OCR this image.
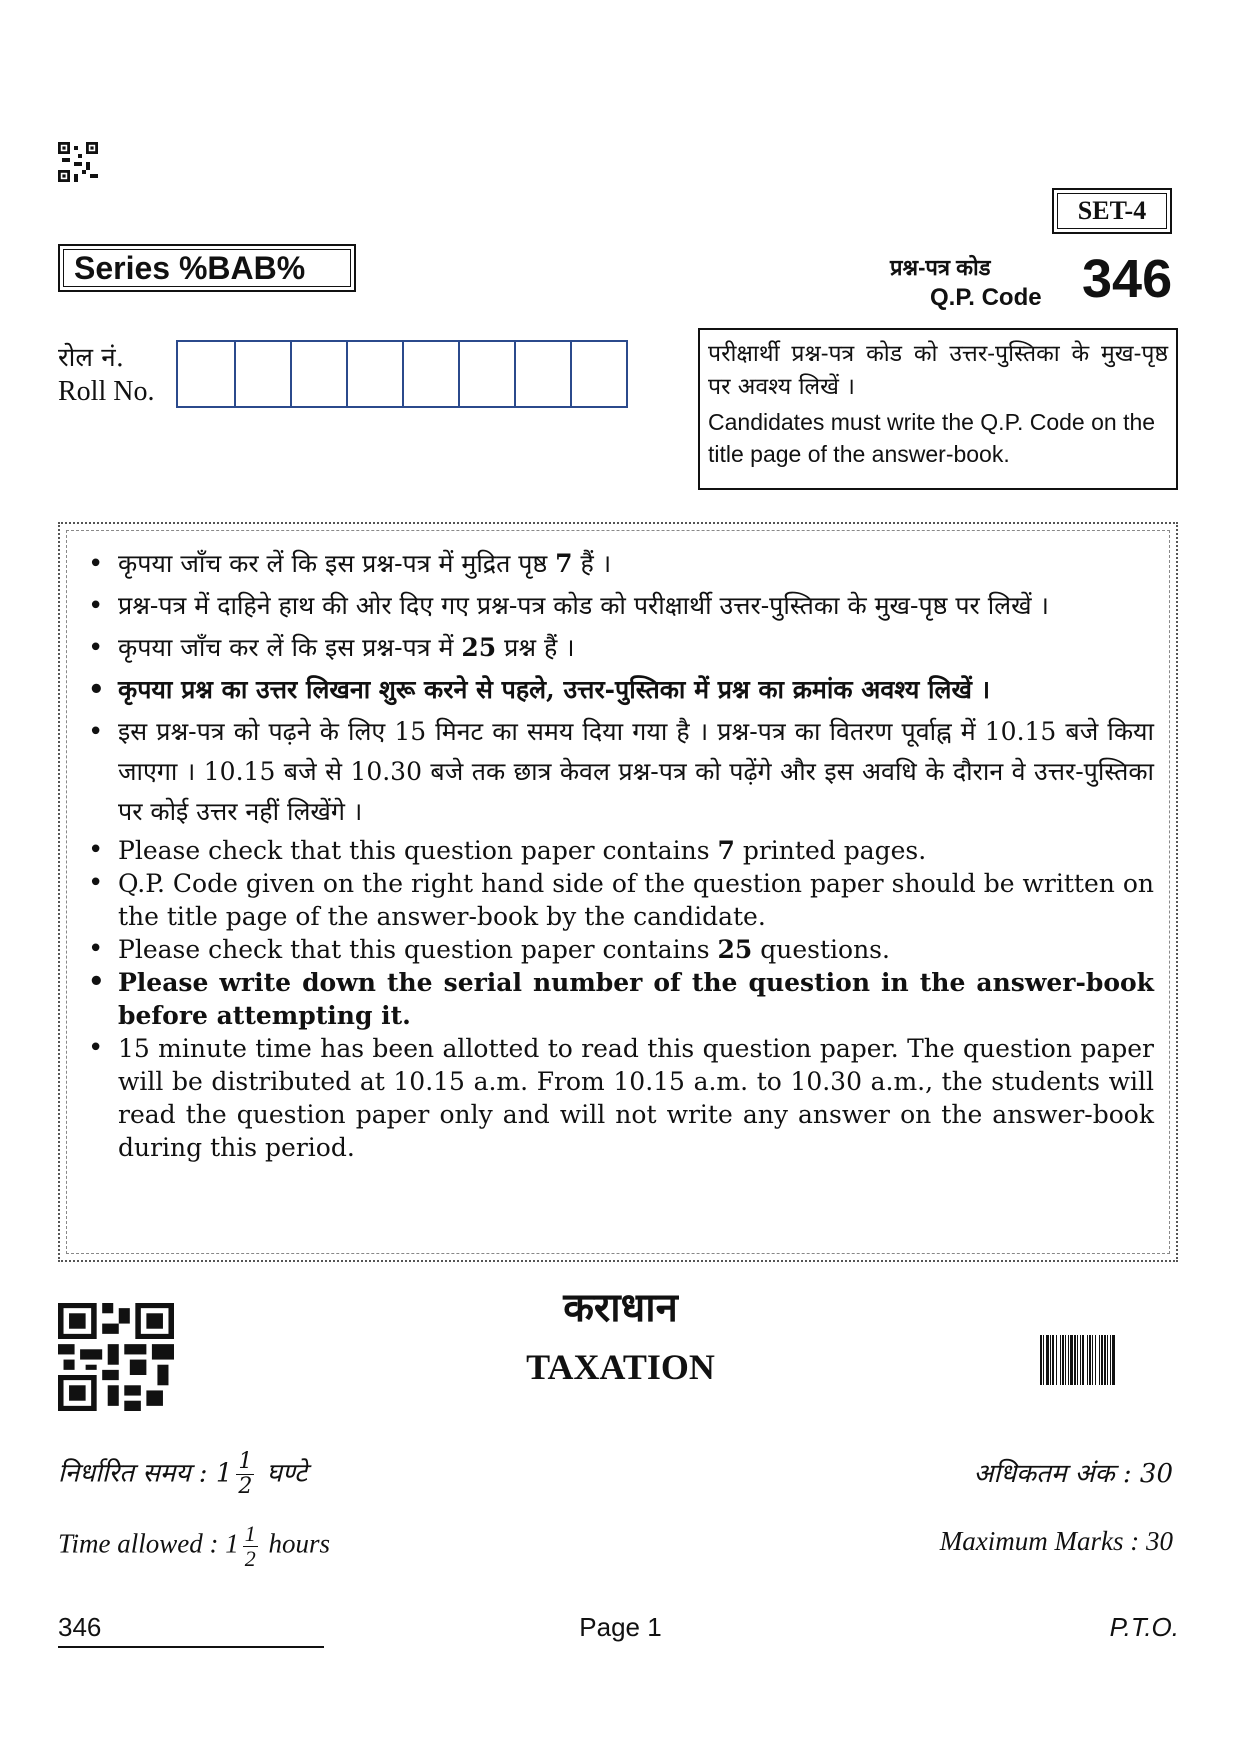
SET-4
Series %BAB%	प्रश्न-पत्र कोड
Q.P. Code 346
रोल नं.
Roll No.
परीक्षार्थी प्रश्न-पत्र कोड को उत्तर-पुस्तिका के मुख-पृष्ठ पर अवश्य लिखें ।
Candidates must write the Q.P. Code on the title page of the answer-book.
• कृपया जाँच कर लें कि इस प्रश्न-पत्र में मुद्रित पृष्ठ 7 हैं ।
• प्रश्न-पत्र में दाहिने हाथ की ओर दिए गए प्रश्न-पत्र कोड को परीक्षार्थी उत्तर-पुस्तिका के मुख-पृष्ठ पर लिखें ।
• कृपया जाँच कर लें कि इस प्रश्न-पत्र में 25 प्रश्न हैं ।
• कृपया प्रश्न का उत्तर लिखना शुरू करने से पहले, उत्तर-पुस्तिका में प्रश्न का क्रमांक अवश्य लिखें ।
• इस प्रश्न-पत्र को पढ़ने के लिए 15 मिनट का समय दिया गया है । प्रश्न-पत्र का वितरण पूर्वाह्न में 10.15 बजे किया जाएगा । 10.15 बजे से 10.30 बजे तक छात्र केवल प्रश्न-पत्र को पढ़ेंगे और इस अवधि के दौरान वे उत्तर-पुस्तिका पर कोई उत्तर नहीं लिखेंगे ।
• Please check that this question paper contains 7 printed pages.
• Q.P. Code given on the right hand side of the question paper should be written on the title page of the answer-book by the candidate.
• Please check that this question paper contains 25 questions.
• Please write down the serial number of the question in the answer-book before attempting it.
• 15 minute time has been allotted to read this question paper. The question paper will be distributed at 10.15 a.m. From 10.15 a.m. to 10.30 a.m., the students will read the question paper only and will not write any answer on the answer-book during this period.
कराधान
TAXATION
निर्धारित समय : $1 \frac{1}{2}$ घण्टे
Time allowed : $1 \frac{1}{2}$ hours
अधिकतम अंक : 30
Maximum Marks : 30
346	Page 1	P.T.O.
